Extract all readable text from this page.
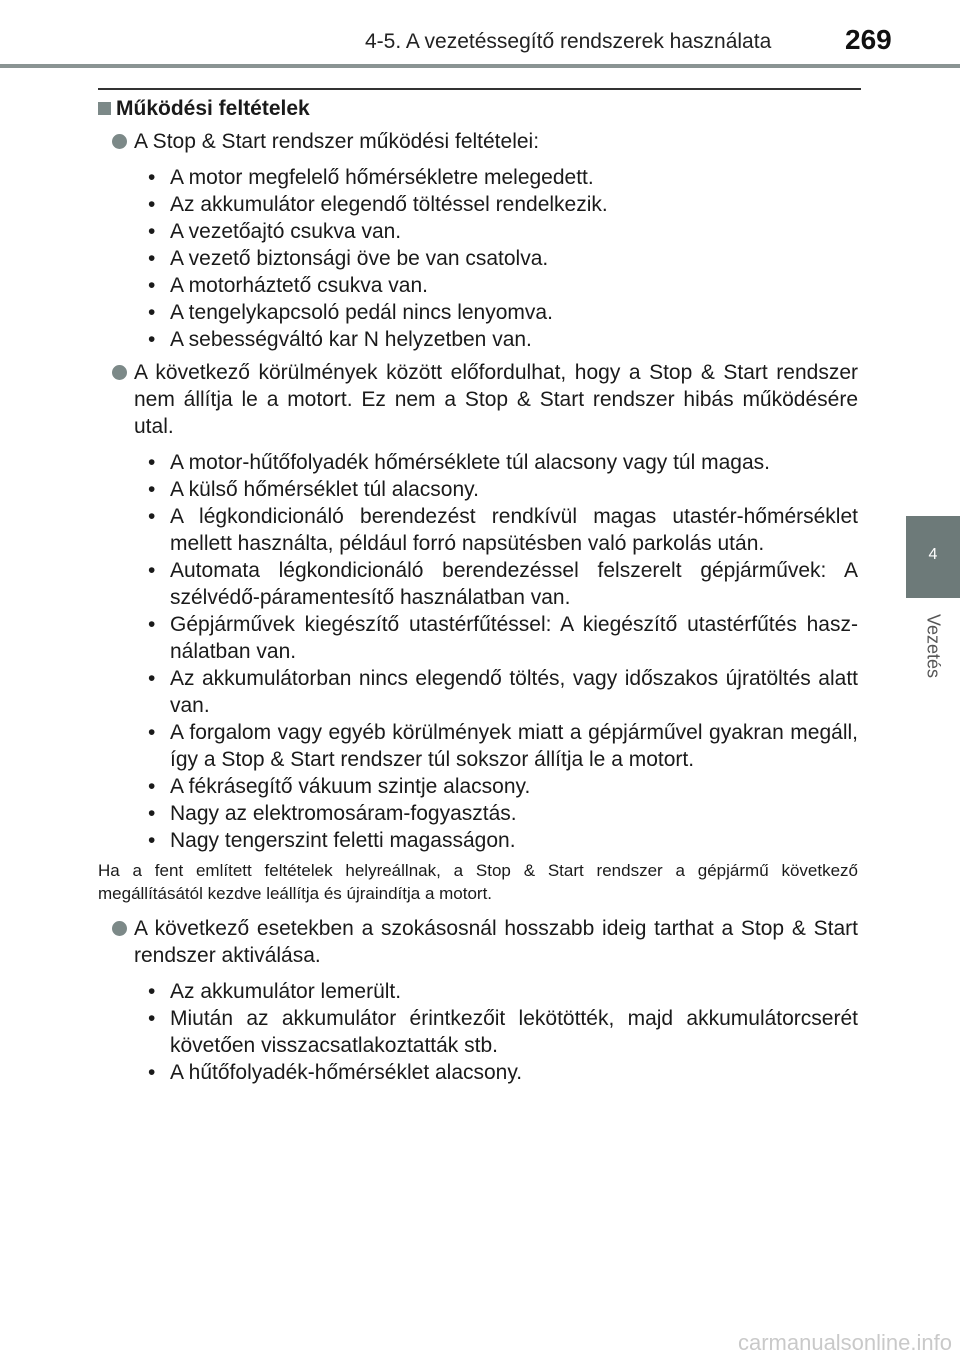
4-5. A vezetéssegítő rendszerek használata	269
4
Vezetés
Működési feltételek
A Stop & Start rendszer működési feltételei:
• A motor megfelelő hőmérsékletre melegedett.
• Az akkumulátor elegendő töltéssel rendelkezik.
• A vezetőajtó csukva van.
• A vezető biztonsági öve be van csatolva.
• A motorháztető csukva van.
• A tengelykapcsoló pedál nincs lenyomva.
• A sebességváltó kar N helyzetben van.
A következő körülmények között előfordulhat, hogy a Stop & Start rendszer nem állítja le a motort. Ez nem a Stop & Start rendszer hibás működésére utal.
• A motor-hűtőfolyadék hőmérséklete túl alacsony vagy túl magas.
• A külső hőmérséklet túl alacsony.
• A légkondicionáló berendezést rendkívül magas utastér-hőmérséklet mellett használta, például forró napsütésben való parkolás után.
• Automata légkondicionáló berendezéssel felszerelt gépjárművek: A szélvédő-páramentesítő használatban van.
• Gépjárművek kiegészítő utastérfűtéssel: A kiegészítő utastérfűtés használatban van.
• Az akkumulátorban nincs elegendő töltés, vagy időszakos újratöltés alatt van.
• A forgalom vagy egyéb körülmények miatt a gépjárművel gyakran megáll, így a Stop & Start rendszer túl sokszor állítja le a motort.
• A fékrásegítő vákuum szintje alacsony.
• Nagy az elektromosáram-fogyasztás.
• Nagy tengerszint feletti magasságon.
Ha a fent említett feltételek helyreállnak, a Stop & Start rendszer a gépjármű következő megállításától kezdve leállítja és újraindítja a motort.
A következő esetekben a szokásosnál hosszabb ideig tarthat a Stop & Start rendszer aktiválása.
• Az akkumulátor lemerült.
• Miután az akkumulátor érintkezőit lekötötték, majd akkumulátorcserét követően visszacsatlakoztatták stb.
• A hűtőfolyadék-hőmérséklet alacsony.
carmanualsonline.info
